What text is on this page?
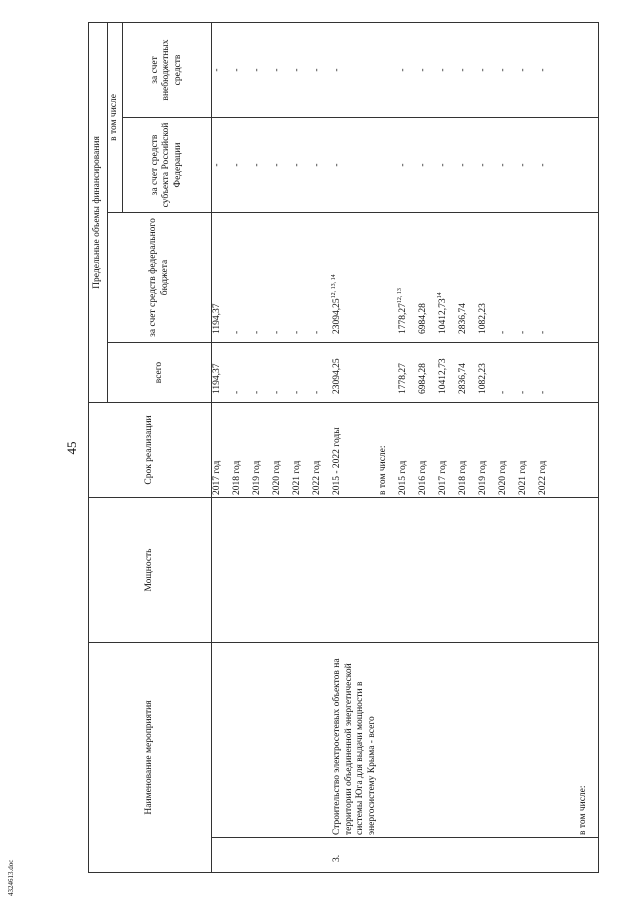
45
Наименование мероприятия		Мощность	Срок реализации	Предельные объемы финансирования			
				всего	за счет средств федерального бюджета	в том числе	
						за счет средств субъекта Российской Федерации	за счет внебюджетных средств
			2017 год	1194,37	1194,37	-	-
			2018 год	-	-	-	-
			2019 год	-	-	-	-
			2020 год	-	-	-	-
			2021 год	-	-	-	-
			2022 год	-	-	-	-
3.	Строительство электросетевых объектов на территории объединенной энергетической системы Юга для выдачи мощности в энергосистему Крыма - всего		2015 - 2022 годы	23094,25	23094,25$^{12, 13, 14}$	-	-
			в том числе:				
			2015 год	1778,27	1778,27$^{12, 13}$	-	-
			2016 год	6984,28	6984,28	-	-
			2017 год	10412,73	10412,73$^{14}$	-	-
			2018 год	2836,74	2836,74	-	-
			2019 год	1082,23	1082,23	-	-
			2020 год	-	-	-	-
			2021 год	-	-	-	-
			2022 год	-	-	-	-

	в том числе:						
4324613.doc
